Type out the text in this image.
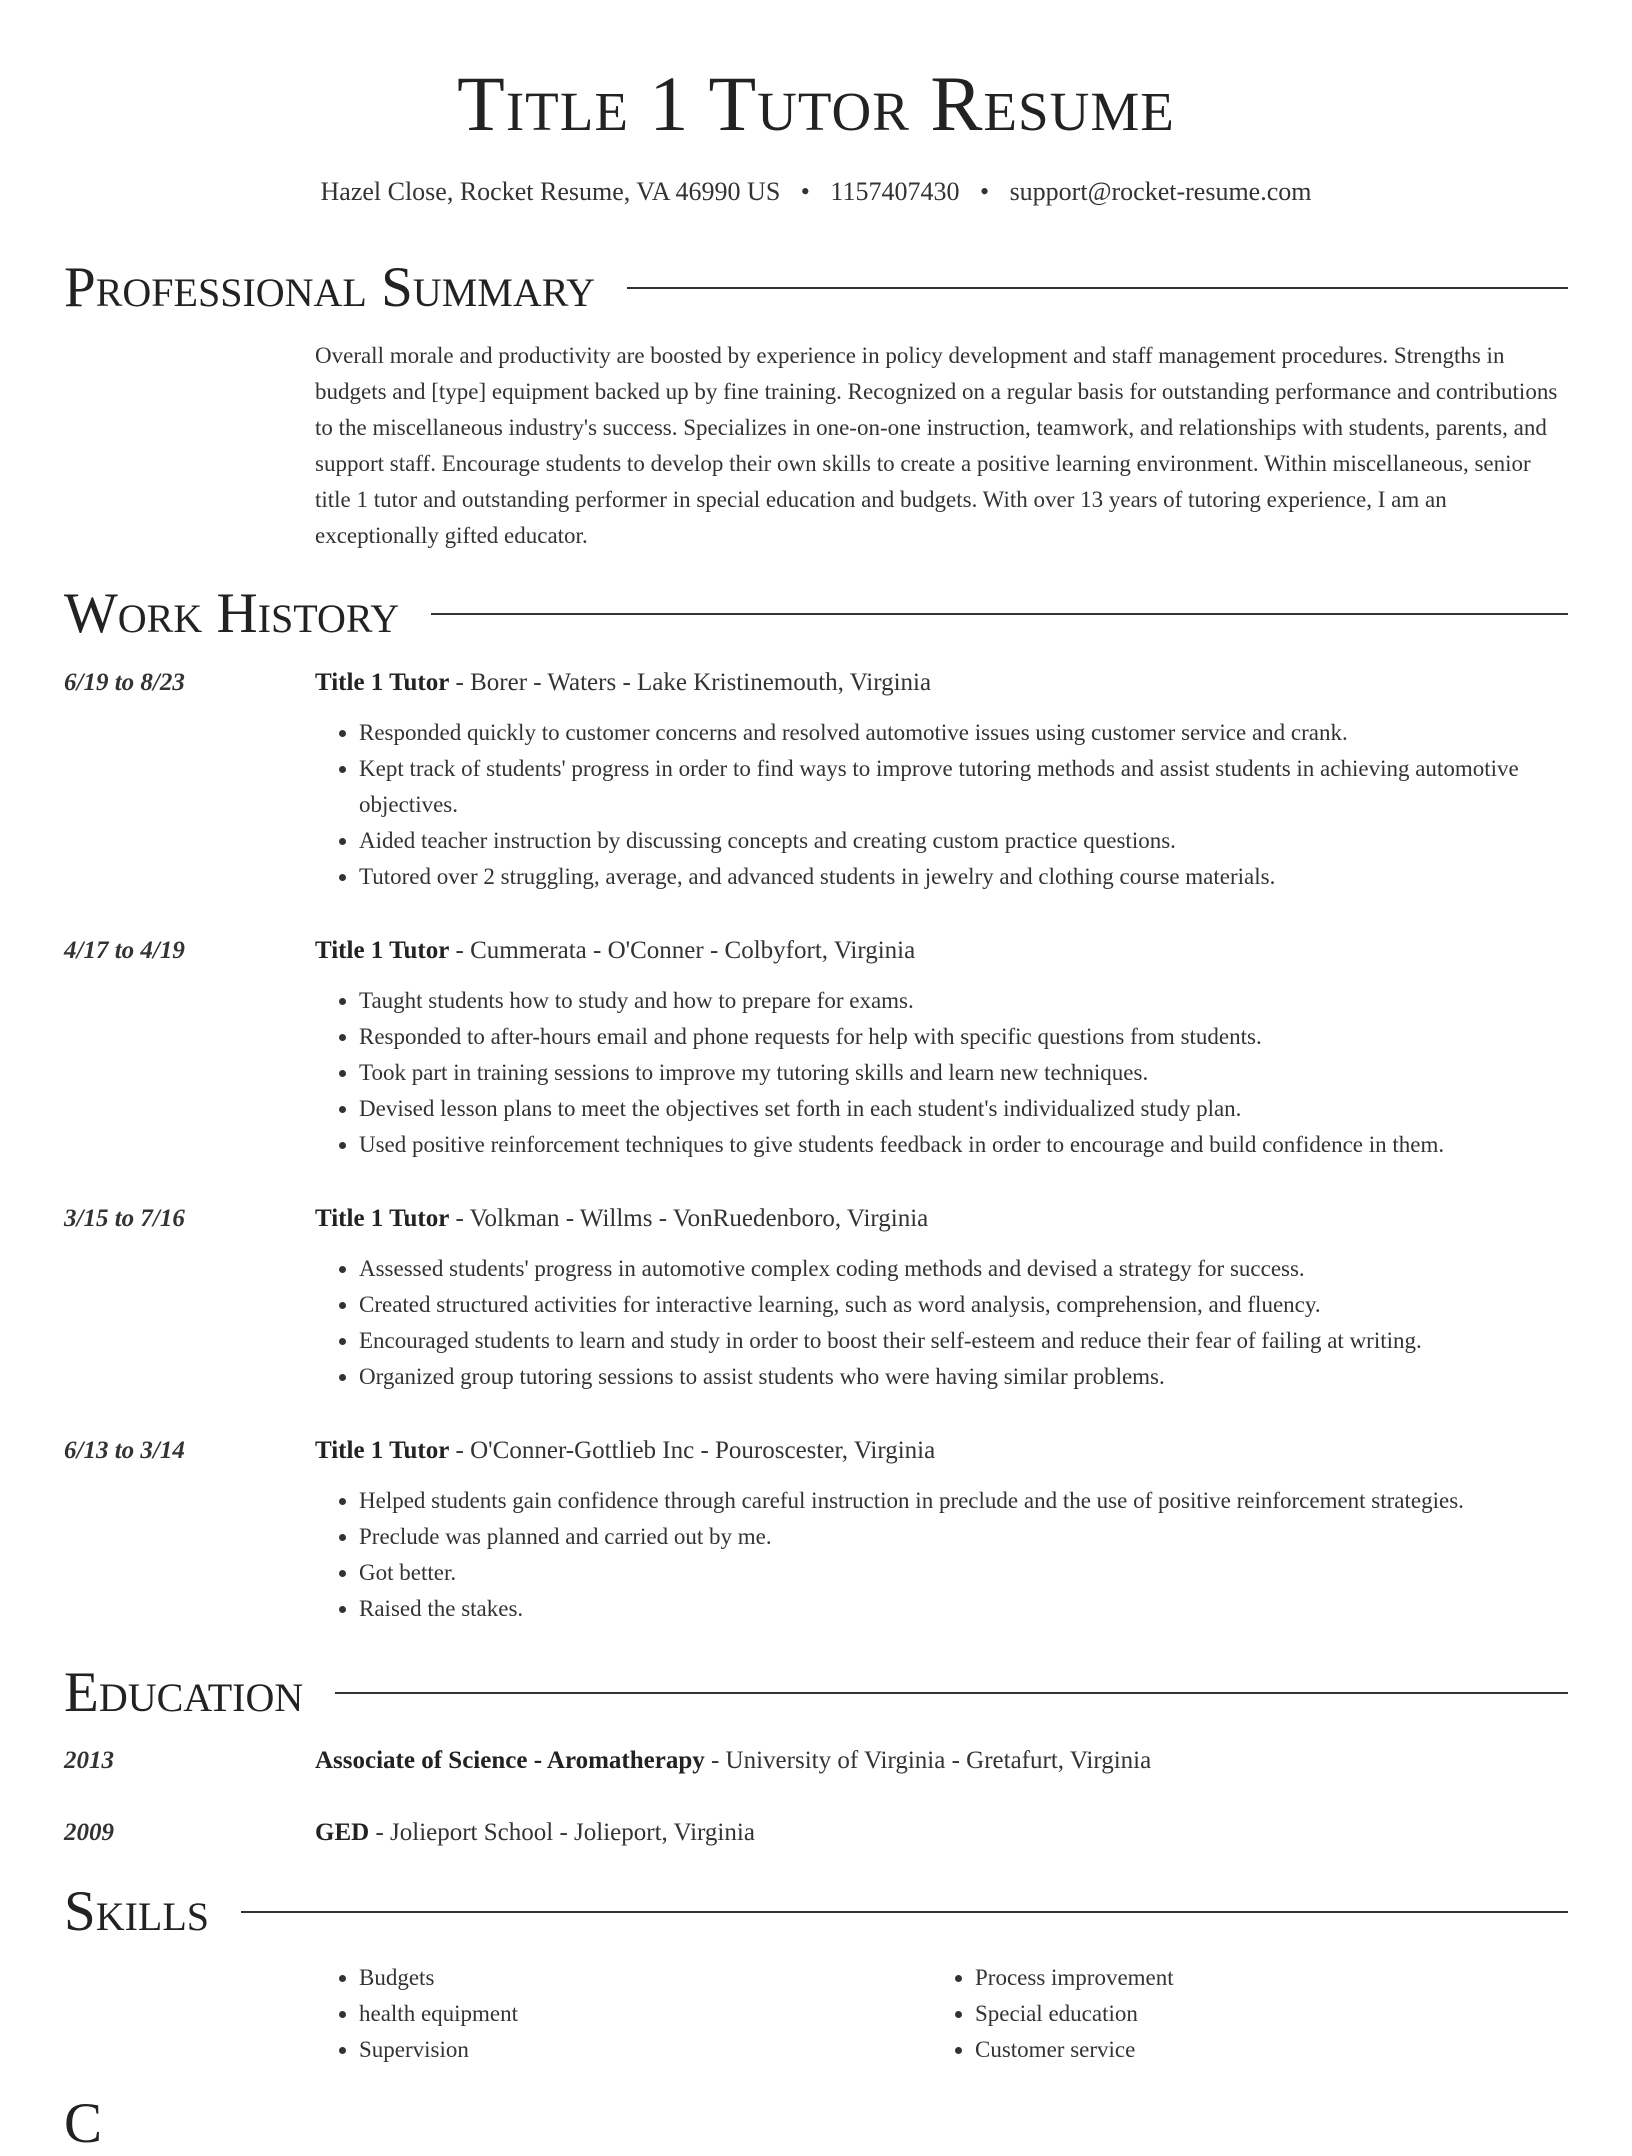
Title 1 Tutor Resume
Hazel Close, Rocket Resume, VA 46990 US • 1157407430 • support@rocket-resume.com
Professional Summary
Overall morale and productivity are boosted by experience in policy development and staff management procedures. Strengths in budgets and [type] equipment backed up by fine training. Recognized on a regular basis for outstanding performance and contributions to the miscellaneous industry's success. Specializes in one-on-one instruction, teamwork, and relationships with students, parents, and support staff. Encourage students to develop their own skills to create a positive learning environment. Within miscellaneous, senior title 1 tutor and outstanding performer in special education and budgets. With over 13 years of tutoring experience, I am an exceptionally gifted educator.
Work History
6/19 to 8/23	Title 1 Tutor - Borer - Waters - Lake Kristinemouth, Virginia
• Responded quickly to customer concerns and resolved automotive issues using customer service and crank.
• Kept track of students' progress in order to find ways to improve tutoring methods and assist students in achieving automotive objectives.
• Aided teacher instruction by discussing concepts and creating custom practice questions.
• Tutored over 2 struggling, average, and advanced students in jewelry and clothing course materials.
4/17 to 4/19	Title 1 Tutor - Cummerata - O'Conner - Colbyfort, Virginia
• Taught students how to study and how to prepare for exams.
• Responded to after-hours email and phone requests for help with specific questions from students.
• Took part in training sessions to improve my tutoring skills and learn new techniques.
• Devised lesson plans to meet the objectives set forth in each student's individualized study plan.
• Used positive reinforcement techniques to give students feedback in order to encourage and build confidence in them.
3/15 to 7/16	Title 1 Tutor - Volkman - Willms - VonRuedenboro, Virginia
• Assessed students' progress in automotive complex coding methods and devised a strategy for success.
• Created structured activities for interactive learning, such as word analysis, comprehension, and fluency.
• Encouraged students to learn and study in order to boost their self-esteem and reduce their fear of failing at writing.
• Organized group tutoring sessions to assist students who were having similar problems.
6/13 to 3/14	Title 1 Tutor - O'Conner-Gottlieb Inc - Pouroscester, Virginia
• Helped students gain confidence through careful instruction in preclude and the use of positive reinforcement strategies.
• Preclude was planned and carried out by me.
• Got better.
• Raised the stakes.
Education
2013	Associate of Science - Aromatherapy - University of Virginia - Gretafurt, Virginia
2009	GED - Jolieport School - Jolieport, Virginia
Skills
• Budgets
• health equipment
• Supervision
• Process improvement
• Special education
• Customer service
C
